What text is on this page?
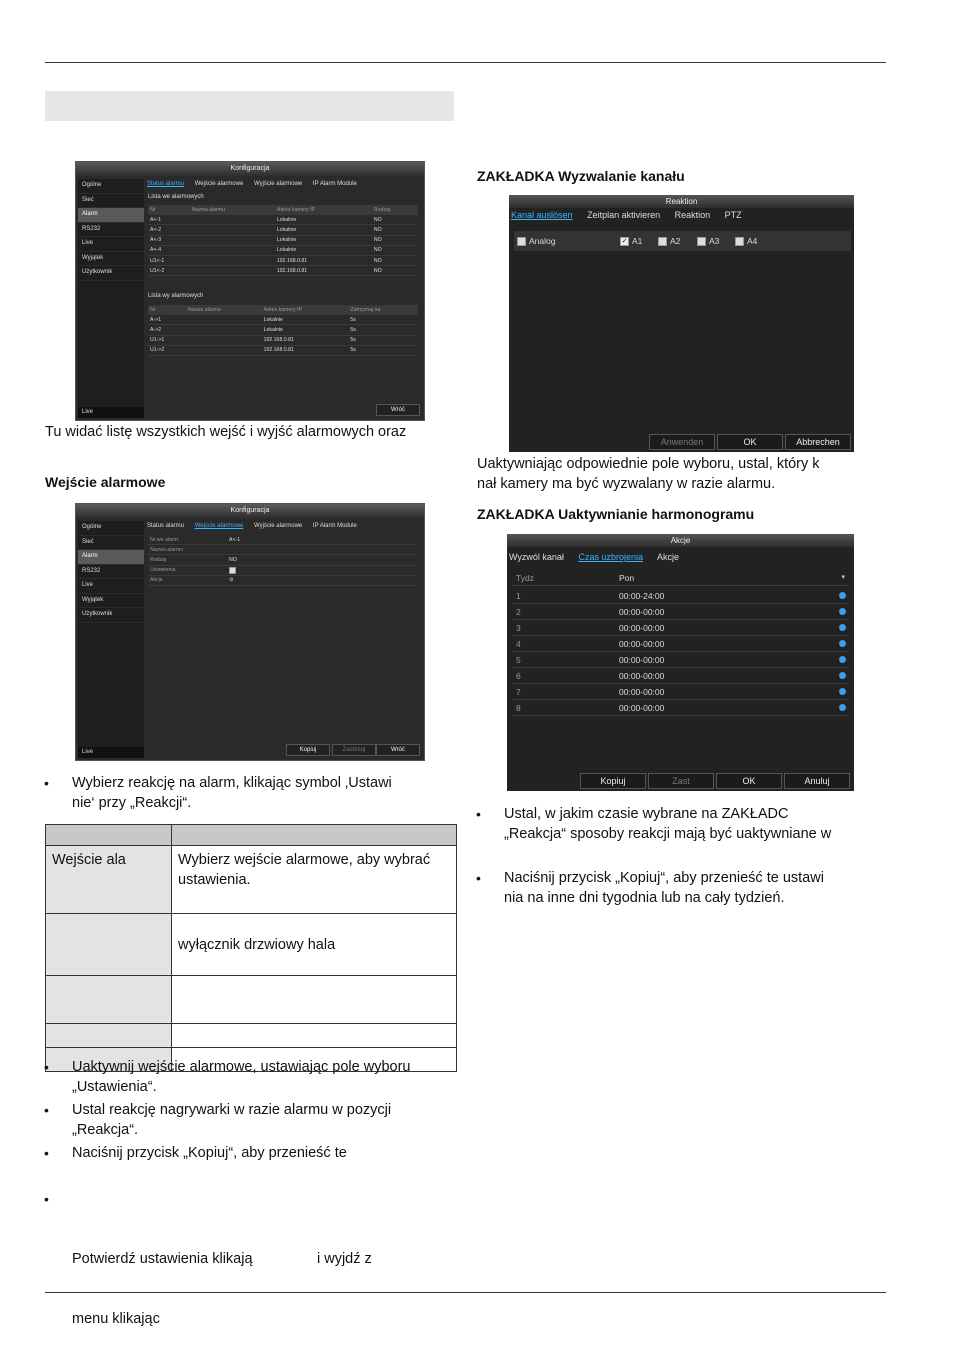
Konfiguracja
Ogólne
Sieć
Alarm
RS232
Live
Wyjątek
Użytkownik
Live
Status alarmu Wejście alarmowe Wyjście alarmowe IP Alarm Module
Lista we alarmowych
Nr	Nazwa alarmu	Adres kamery IP	Rodzaj
A<-1		Lokalnie	NO
A<-2		Lokalnie	NO
A<-3		Lokalnie	NO
A<-4		Lokalnie	NO
U1<-1		192.168.0.81	NO
U1<-2		192.168.0.81	NO
Lista wy alarmowych
Nr	Nazwa alarmu	Adres kamery IP	Zatrzymaj na
A->1		Lokalnie	5s
A->2		Lokalnie	5s
U1->1		192.168.0.81	5s
U1->2		192.168.0.81	5s
Wróć
Tu widać listę wszystkich wejść i wyjść alarmowych oraz
Wejście alarmowe
Konfiguracja
Ogólne
Sieć
Alarm
RS232
Live
Wyjątek
Użytkownik
Live
Status alarmu Wejście alarmowe Wyjście alarmowe IP Alarm Module
Nr we alarm.	A<-1
Nazwa alarmu	
Rodzaj	NO
Ustawienia	
Akcje	⚙
Kopiuj	Zastosuj	Wróć
• Wybierz reakcję na alarm, klikając symbol ‚Ustawi
nie‘ przy „Reakcji“.

Wejście ala	Wybierz wejście alarmowe, aby wybrać ustawienia.
	wyłącznik drzwiowy hala

• Uaktywnij wejście alarmowe, ustawiając pole wyboru
„Ustawienia“.
• Ustal reakcję nagrywarki w razie alarmu w pozycji
„Reakcja“.
• Naciśnij przycisk „Kopiuj“, aby przenieść te

•

Potwierdź ustawienia klikają                i wyjdź z

menu klikając

ZAKŁADKA Wyzwalanie kanału
Reaktion
Kanal auslösen Zeitplan aktivieren Reaktion PTZ
Analog	✓ A1	A2	A3	A4
Anwenden	OK	Abbrechen
Uaktywniając odpowiednie pole wyboru, ustal, który k
nał kamery ma być wyzwalany w razie alarmu.
ZAKŁADKA Uaktywnianie harmonogramu
Akcje
Wyzwól kanał Czas uzbrojenia Akcje
Tydz	Pon	▾
1	00:00-24:00
2	00:00-00:00
3	00:00-00:00
4	00:00-00:00
5	00:00-00:00
6	00:00-00:00
7	00:00-00:00
8	00:00-00:00
Kopiuj	Zast	OK	Anuluj
• Ustal, w jakim czasie wybrane na ZAKŁADC
„Reakcja“ sposoby reakcji mają być uaktywniane w
• Naciśnij przycisk „Kopiuj“, aby przenieść te ustawi
nia na inne dni tygodnia lub na cały tydzień.
